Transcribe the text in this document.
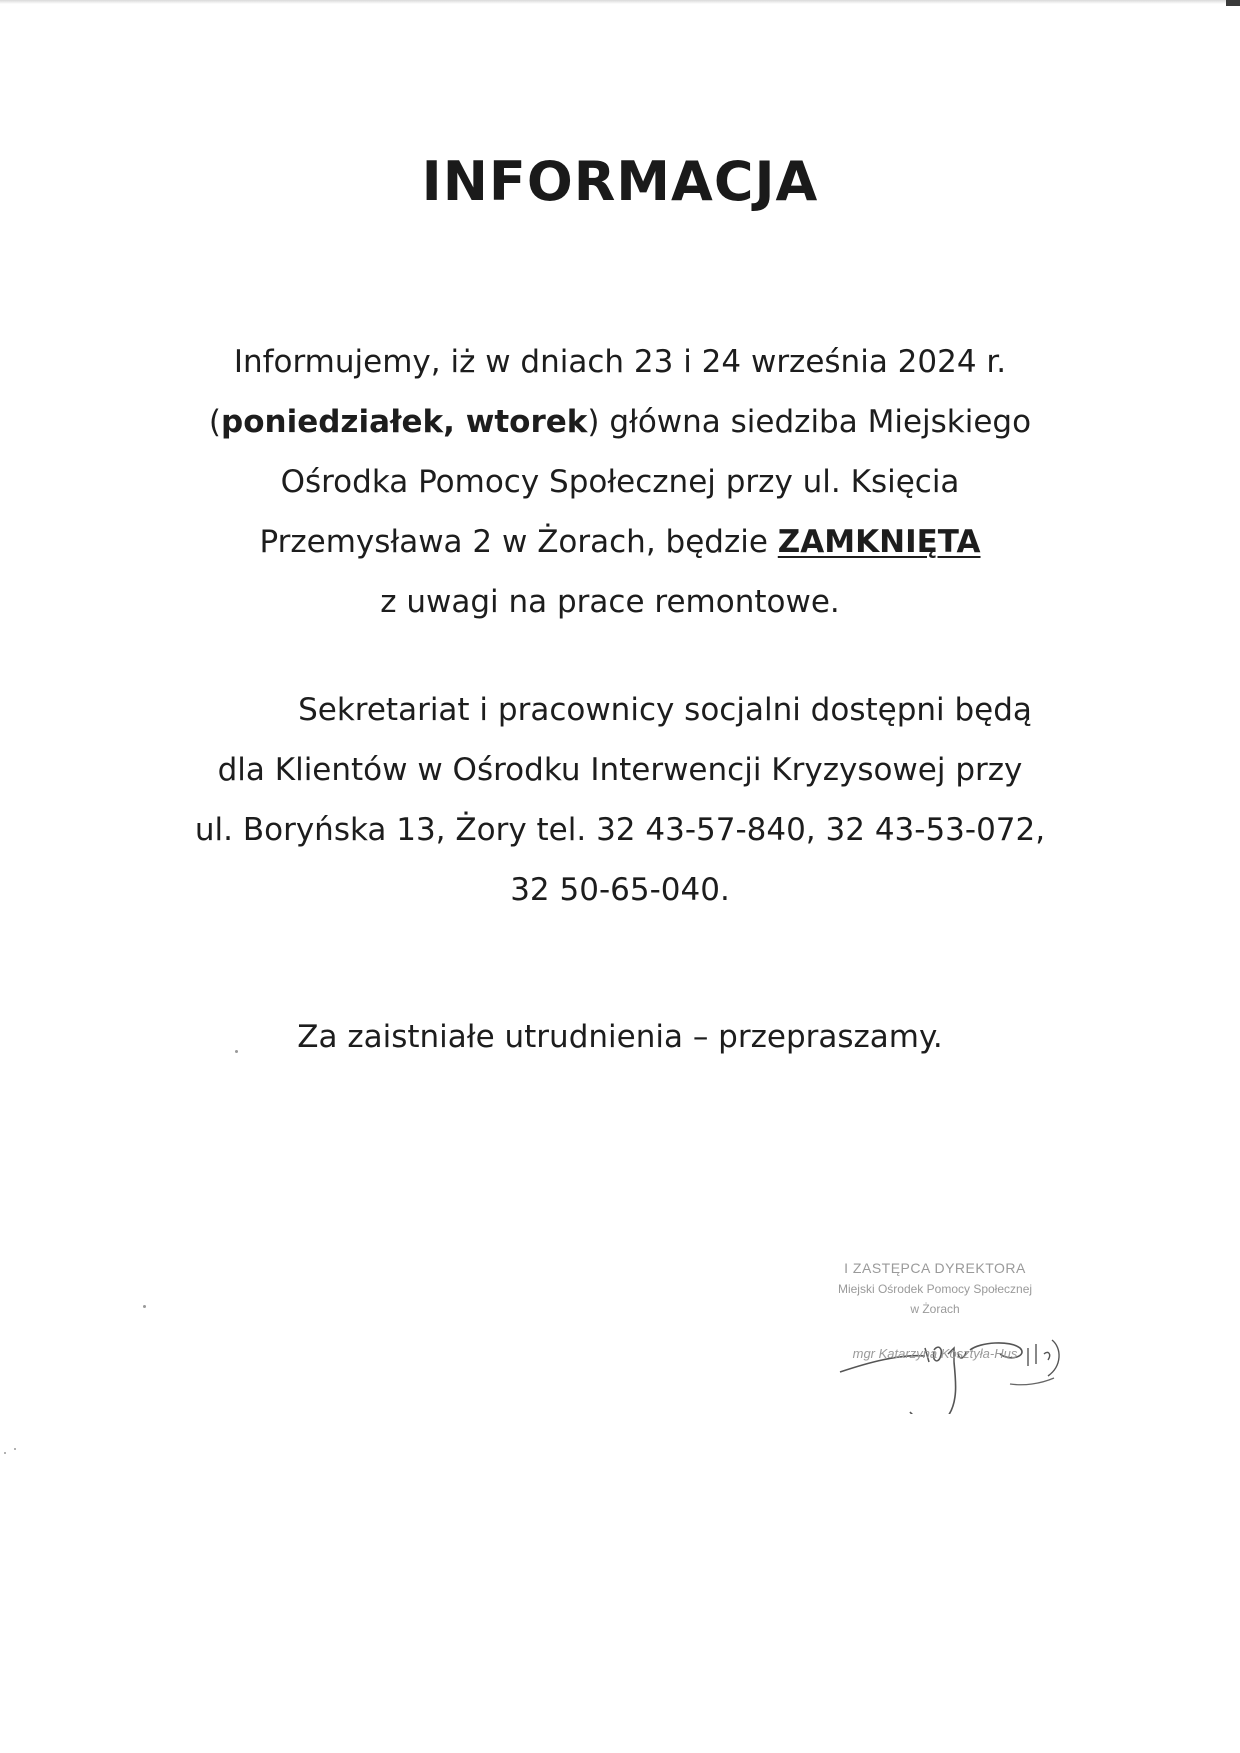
INFORMACJA
Informujemy, iż w dniach 23 i 24 września 2024 r.
(poniedziałek, wtorek) główna siedziba Miejskiego
Ośrodka Pomocy Społecznej przy ul. Księcia
Przemysława 2 w Żorach, będzie ZAMKNIĘTA
z uwagi na prace remontowe.
Sekretariat i pracownicy socjalni dostępni będą
dla Klientów w Ośrodku Interwencji Kryzysowej przy
ul. Boryńska 13, Żory tel. 32 43-57-840, 32 43-53-072,
32 50-65-040.
Za zaistniałe utrudnienia – przepraszamy.
I ZASTĘPCA DYREKTORA
Miejski Ośrodek Pomocy Społecznej
w Żorach
mgr Katarzyna Kosztyła-Hus
